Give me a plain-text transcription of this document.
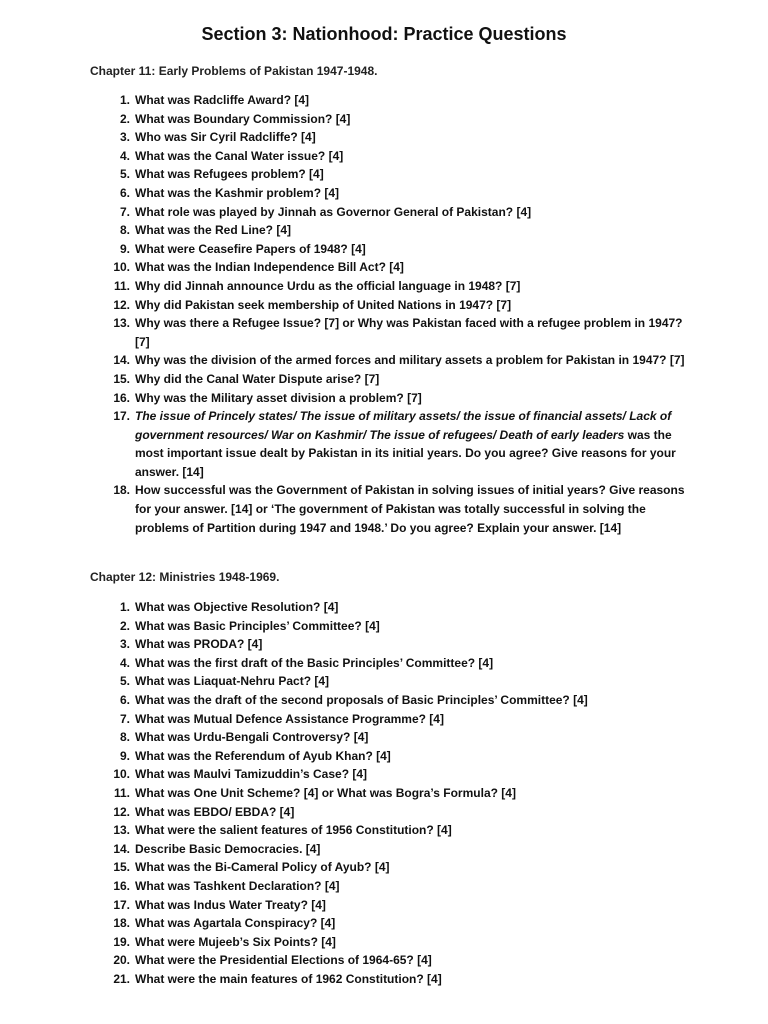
Section 3: Nationhood: Practice Questions

Chapter 11: Early Problems of Pakistan 1947-1948.

1. What was Radcliffe Award? [4]
2. What was Boundary Commission? [4]
3. Who was Sir Cyril Radcliffe? [4]
4. What was the Canal Water issue? [4]
5. What was Refugees problem? [4]
6. What was the Kashmir problem? [4]
7. What role was played by Jinnah as Governor General of Pakistan? [4]
8. What was the Red Line? [4]
9. What were Ceasefire Papers of 1948? [4]
10. What was the Indian Independence Bill Act? [4]
11. Why did Jinnah announce Urdu as the official language in 1948? [7]
12. Why did Pakistan seek membership of United Nations in 1947? [7]
13. Why was there a Refugee Issue? [7] or Why was Pakistan faced with a refugee problem in 1947? [7]
14. Why was the division of the armed forces and military assets a problem for Pakistan in 1947? [7]
15. Why did the Canal Water Dispute arise? [7]
16. Why was the Military asset division a problem? [7]
17. The issue of Princely states/ The issue of military assets/ the issue of financial assets/ Lack of government resources/ War on Kashmir/ The issue of refugees/ Death of early leaders was the most important issue dealt by Pakistan in its initial years. Do you agree? Give reasons for your answer. [14]
18. How successful was the Government of Pakistan in solving issues of initial years? Give reasons for your answer. [14] or ‘The government of Pakistan was totally successful in solving the problems of Partition during 1947 and 1948.’ Do you agree? Explain your answer. [14]

Chapter 12: Ministries 1948-1969.

1. What was Objective Resolution? [4]
2. What was Basic Principles’ Committee? [4]
3. What was PRODA? [4]
4. What was the first draft of the Basic Principles’ Committee? [4]
5. What was Liaquat-Nehru Pact? [4]
6. What was the draft of the second proposals of Basic Principles’ Committee? [4]
7. What was Mutual Defence Assistance Programme? [4]
8. What was Urdu-Bengali Controversy? [4]
9. What was the Referendum of Ayub Khan? [4]
10. What was Maulvi Tamizuddin’s Case? [4]
11. What was One Unit Scheme? [4] or What was Bogra’s Formula? [4]
12. What was EBDO/ EBDA? [4]
13. What were the salient features of 1956 Constitution? [4]
14. Describe Basic Democracies. [4]
15. What was the Bi-Cameral Policy of Ayub? [4]
16. What was Tashkent Declaration? [4]
17. What was Indus Water Treaty? [4]
18. What was Agartala Conspiracy? [4]
19. What were Mujeeb’s Six Points? [4]
20. What were the Presidential Elections of 1964-65? [4]
21. What were the main features of 1962 Constitution? [4]
